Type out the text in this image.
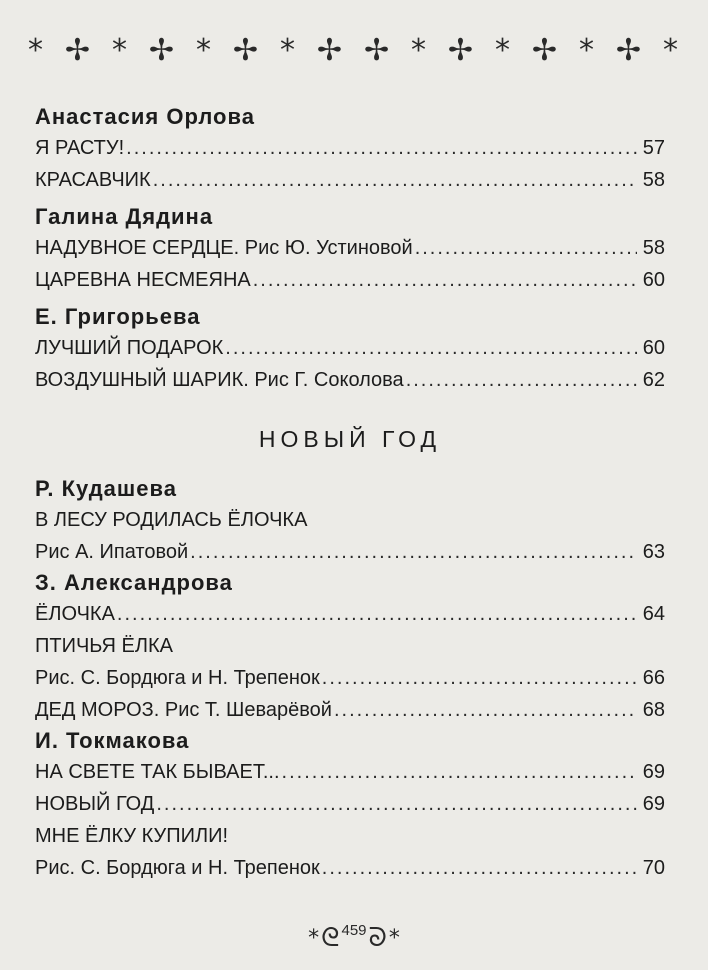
* ✢ * ✢ * ✢ * ✢ ✢ * ✢ * ✢ * ✢ *
Анастасия Орлова
Я РАСТУ! .....	57
КРАСАВЧИК .....	58
Галина Дядина
НАДУВНОЕ СЕРДЦЕ. Рис Ю. Устиновой .....	58
ЦАРЕВНА НЕСМЕЯНА .....	60
Е. Григорьева
ЛУЧШИЙ ПОДАРОК .....	60
ВОЗДУШНЫЙ ШАРИК. Рис Г. Соколова .....	62
НОВЫЙ ГОД
Р. Кудашева
В ЛЕСУ РОДИЛАСЬ ЁЛОЧКА
Рис А. Ипатовой .....	63
З. Александрова
ЁЛОЧКА .....	64
ПТИЧЬЯ ЁЛКА
Рис. С. Бордюга и Н. Трепенок .....	66
ДЕД МОРОЗ. Рис Т. Шеварёвой .....	68
И. Токмакова
НА СВЕТЕ ТАК БЫВАЕТ... .....	69
НОВЫЙ ГОД .....	69
МНЕ ЁЛКУ КУПИЛИ!
Рис. С. Бордюга и Н. Трепенок .....	70
* ᘓ 459 ᘐ *
